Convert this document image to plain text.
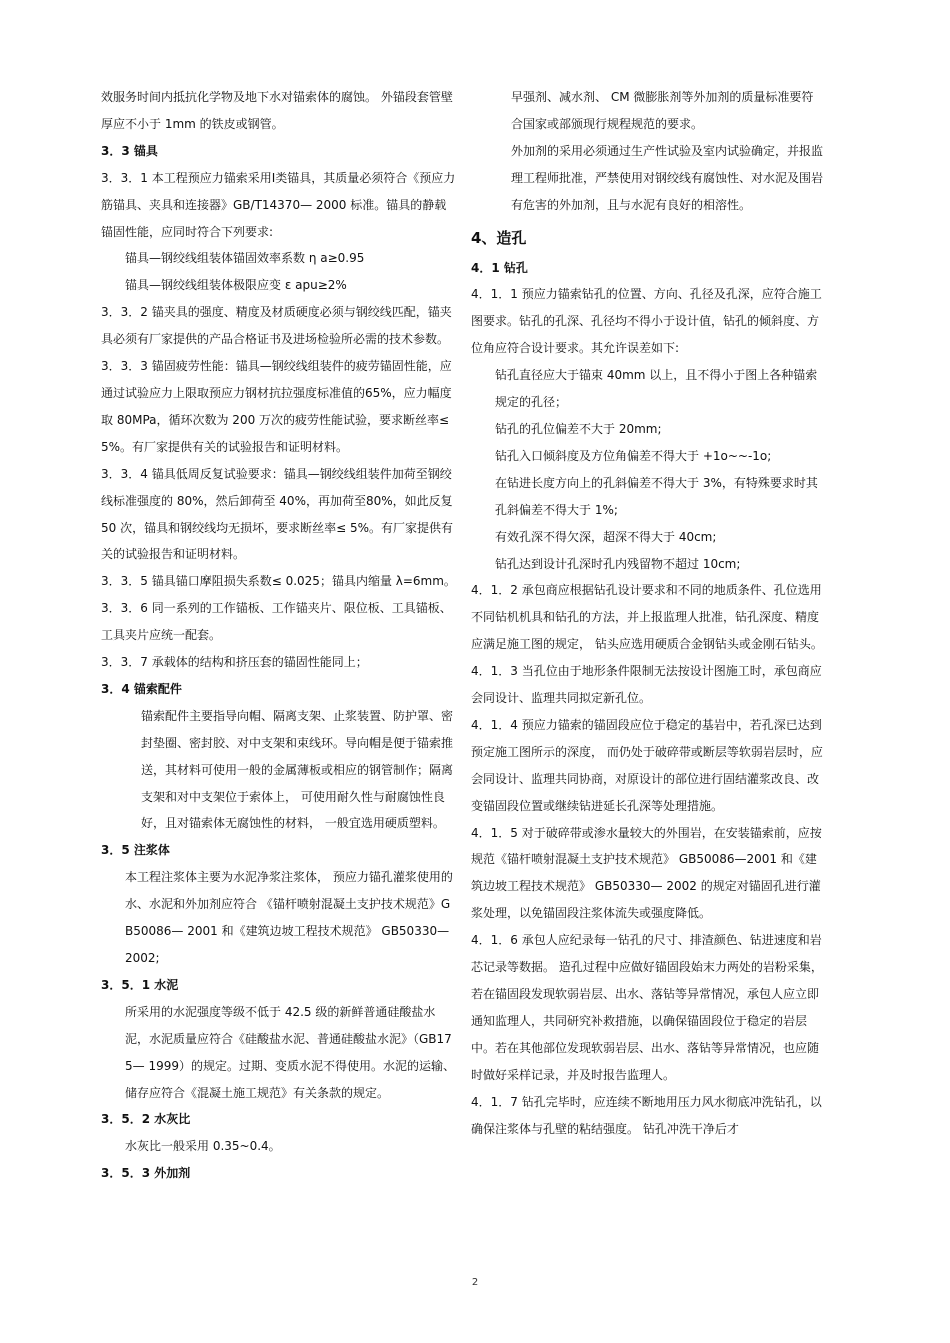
效服务时间内抵抗化学物及地下水对锚索体的腐蚀。 外锚段套管壁厚应不小于 1mm 的铁皮或钢管。

3．3 锚具

3．3．1 本工程预应力锚索采用Ⅰ类锚具，其质量必须符合《预应力筋锚具、夹具和连接器》GB/T14370— 2000 标准。锚具的静载锚固性能，应同时符合下列要求:

锚具—钢绞线组装体锚固效率系数 η a≥0.95

锚具—钢绞线组装体极限应变 ε apu≥2%

3．3．2 锚夹具的强度、精度及材质硬度必须与钢绞线匹配，锚夹具必须有厂家提供的产品合格证书及进场检验所必需的技术参数。

3．3．3 锚固疲劳性能：锚具—钢绞线组装件的疲劳锚固性能，应通过试验应力上限取预应力钢材抗拉强度标准值的65%，应力幅度取 80MPa，循环次数为 200 万次的疲劳性能试验，要求断丝率≤ 5%。有厂家提供有关的试验报告和证明材料。

3．3．4 锚具低周反复试验要求：锚具—钢绞线组装件加荷至钢绞线标准强度的 80%，然后卸荷至 40%，再加荷至80%，如此反复 50 次，锚具和钢绞线均无损坏，要求断丝率≤ 5%。有厂家提供有关的试验报告和证明材料。

3．3．5 锚具锚口摩阻损失系数≤ 0.025；锚具内缩量 λ=6mm。

3．3．6 同一系列的工作锚板、工作锚夹片、限位板、工具锚板、工具夹片应统一配套。

3．3．7 承载体的结构和挤压套的锚固性能同上；

3．4 锚索配件

锚索配件主要指导向帽、隔离支架、止浆装置、防护罩、密封垫圈、密封胶、对中支架和束线环。导向帽是便于锚索推送，其材料可使用一般的金属薄板或相应的钢管制作；隔离支架和对中支架位于索体上， 可使用耐久性与耐腐蚀性良好，且对锚索体无腐蚀性的材料， 一般宜选用硬质塑料。

3．5 注浆体

本工程注浆体主要为水泥净浆注浆体， 预应力锚孔灌浆使用的水、水泥和外加剂应符合 《锚杆喷射混凝土支护技术规范》GB50086— 2001 和《建筑边坡工程技术规范》 GB50330— 2002;

3．5．1 水泥

所采用的水泥强度等级不低于 42.5 级的新鲜普通硅酸盐水泥，水泥质量应符合《硅酸盐水泥、普通硅酸盐水泥》（GB175— 1999）的规定。过期、变质水泥不得使用。水泥的运输、储存应符合《混凝土施工规范》有关条款的规定。

3．5．2 水灰比

水灰比一般采用 0.35~0.4。

3．5．3 外加剂

早强剂、减水剂、 CM 微膨胀剂等外加剂的质量标准要符合国家或部颁现行规程规范的要求。

外加剂的采用必须通过生产性试验及室内试验确定，并报监理工程师批准，严禁使用对钢绞线有腐蚀性、对水泥及围岩有危害的外加剂，且与水泥有良好的相溶性。

4、造孔

4．1 钻孔

4．1．1 预应力锚索钻孔的位置、方向、孔径及孔深，应符合施工图要求。钻孔的孔深、孔径均不得小于设计值，钻孔的倾斜度、方位角应符合设计要求。其允许误差如下:

钻孔直径应大于锚束 40mm 以上，且不得小于图上各种锚索规定的孔径；

钻孔的孔位偏差不大于 20mm;

钻孔入口倾斜度及方位角偏差不得大于 +1o~~-1o;

在钻进长度方向上的孔斜偏差不得大于 3%，有特殊要求时其孔斜偏差不得大于 1%;

有效孔深不得欠深，超深不得大于 40cm;

钻孔达到设计孔深时孔内残留物不超过 10cm;

4．1．2 承包商应根据钻孔设计要求和不同的地质条件、孔位选用不同钻机机具和钻孔的方法，并上报监理人批准，钻孔深度、精度应满足施工图的规定， 钻头应选用硬质合金钢钻头或金刚石钻头。

4．1．3 当孔位由于地形条件限制无法按设计图施工时，承包商应会同设计、监理共同拟定新孔位。

4．1．4 预应力锚索的锚固段应位于稳定的基岩中，若孔深已达到预定施工图所示的深度， 而仍处于破碎带或断层等软弱岩层时，应会同设计、监理共同协商，对原设计的部位进行固结灌浆改良、改变锚固段位置或继续钻进延长孔深等处理措施。

4．1．5 对于破碎带或渗水量较大的外围岩，在安装锚索前，应按规范《锚杆喷射混凝土支护技术规范》 GB50086—2001 和《建筑边坡工程技术规范》 GB50330— 2002 的规定对锚固孔进行灌浆处理，以免锚固段注浆体流失或强度降低。

4．1．6 承包人应纪录每一钻孔的尺寸、排渣颜色、钻进速度和岩芯记录等数据。 造孔过程中应做好锚固段始末力两处的岩粉采集，若在锚固段发现软弱岩层、出水、落钻等异常情况，承包人应立即通知监理人，共同研究补救措施，以确保锚固段位于稳定的岩层中。若在其他部位发现软弱岩层、出水、落钻等异常情况，也应随时做好采样记录，并及时报告监理人。

4．1．7 钻孔完毕时，应连续不断地用压力风水彻底冲洗钻孔，以确保注浆体与孔壁的粘结强度。 钻孔冲洗干净后才

2
